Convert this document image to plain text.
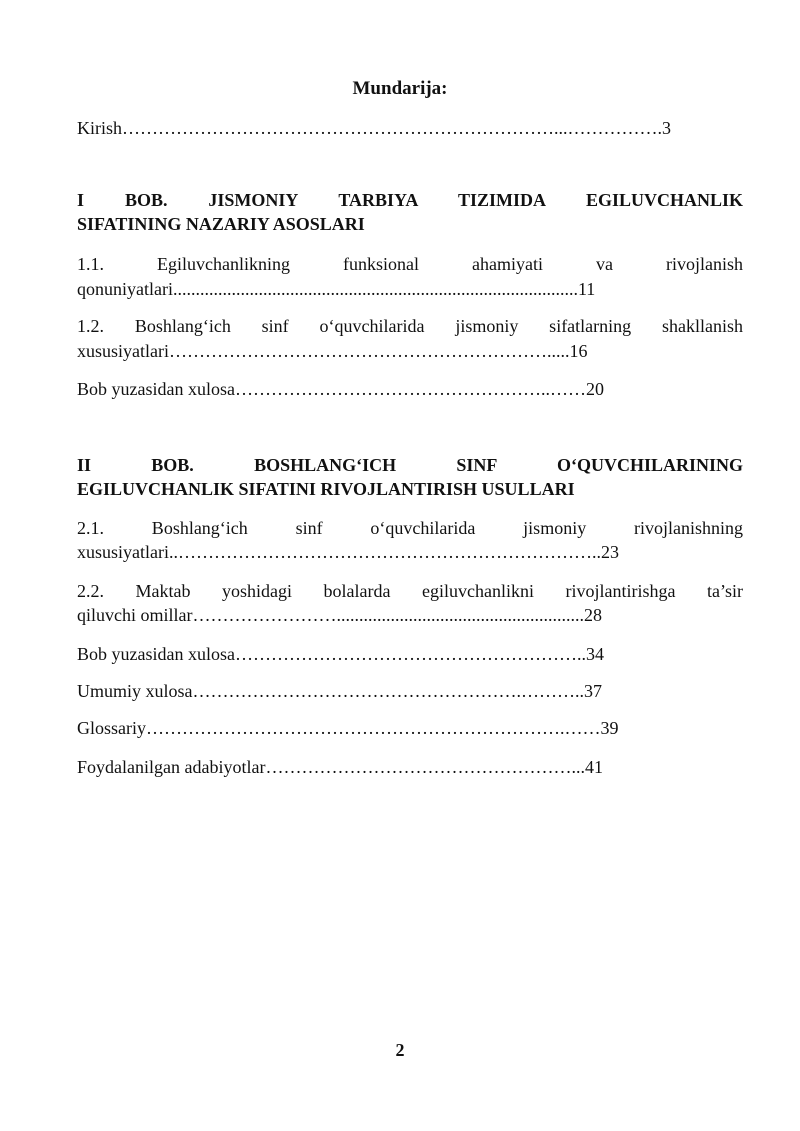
Mundarija:
Kirish………………………………………………………………...…………….3
I BOB. JISMONIY TARBIYA TIZIMIDA EGILUVCHANLIK
SIFATINING NAZARIY ASOSLARI
1.1. Egiluvchanlikning funksional ahamiyati va rivojlanish
qonuniyatlari..........................................................................................11
1.2. Boshlang‘ich sinf o‘quvchilarida jismoniy sifatlarning shakllanish
xususiyatlari……………………………………………………….....16
Bob yuzasidan xulosa……………………………………………..……20
II BOB. BOSHLANG‘ICH SINF O‘QUVCHILARINING
EGILUVCHANLIK SIFATINI RIVOJLANTIRISH USULLARI
2.1. Boshlang‘ich sinf o‘quvchilarida jismoniy rivojlanishning
xususiyatlari..……………………………………………………………..23
2.2. Maktab yoshidagi bolalarda egiluvchanlikni rivojlantirishga ta’sir
qiluvchi omillar…………………….......................................................28
Bob yuzasidan xulosa…………………………………………………..34
Umumiy xulosa……………………………………………….………..37
Glossariy…………………………………………………………….……39
Foydalanilgan adabiyotlar……………………………………………...41
2
